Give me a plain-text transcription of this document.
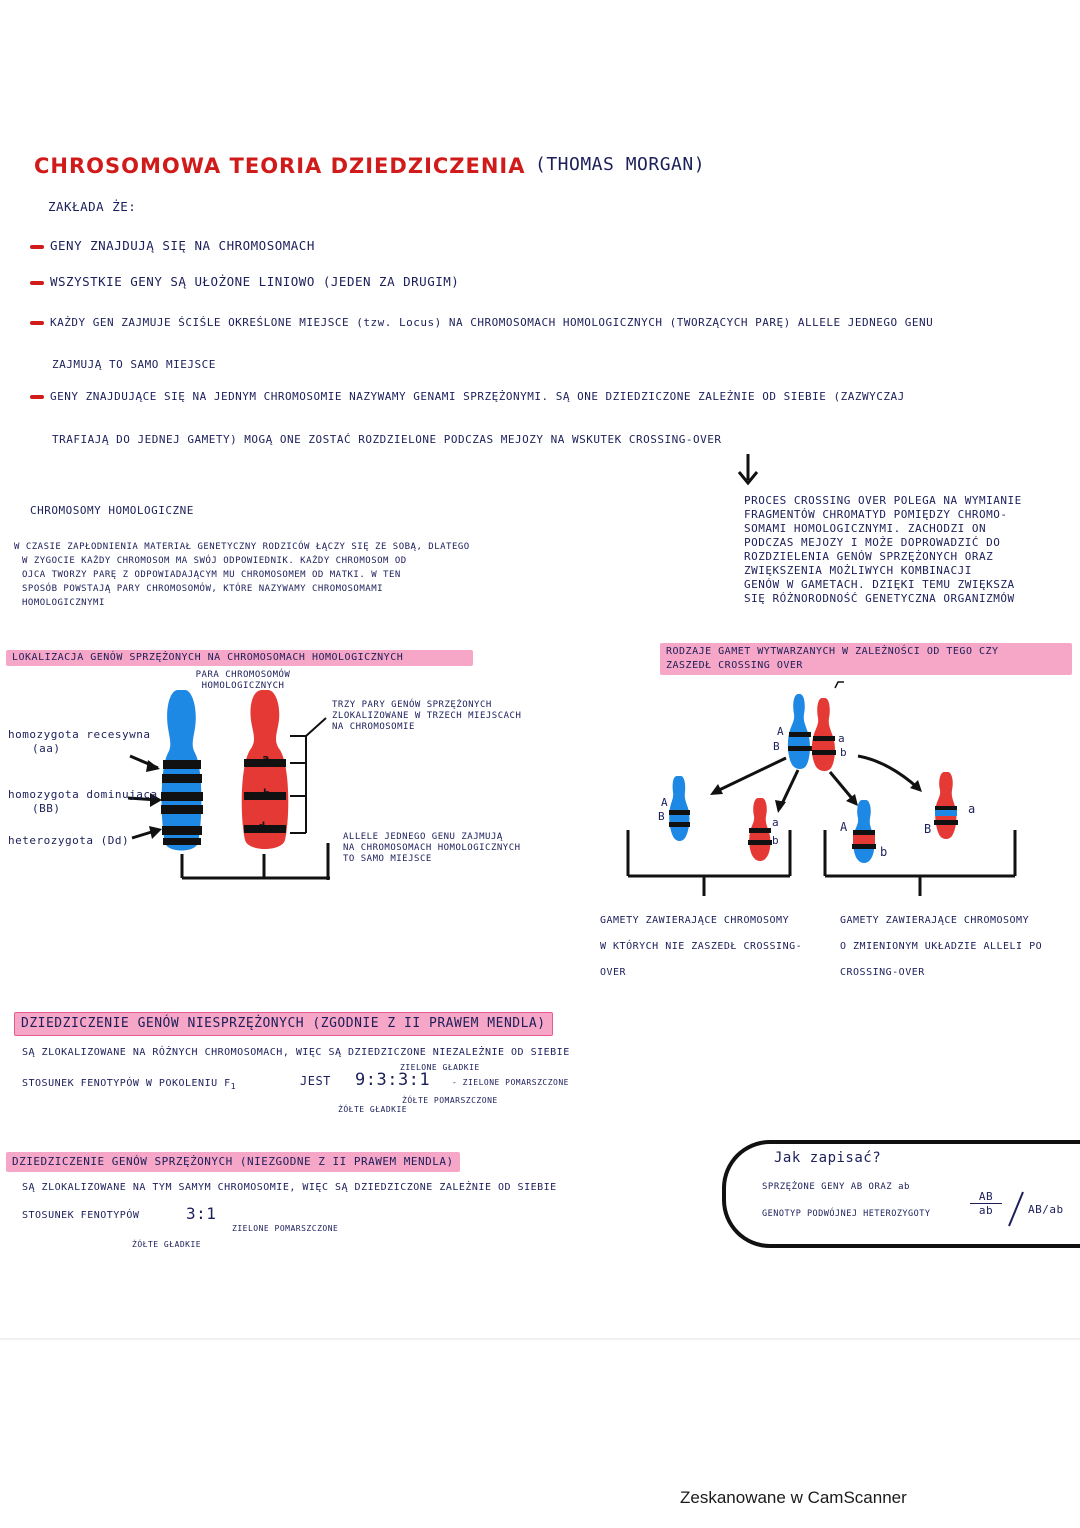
CHROSOMOWA TEORIA DZIEDZICZENIA (THOMAS MORGAN)
ZAKŁADA ŻE:
GENY ZNAJDUJĄ SIĘ NA CHROMOSOMACH
WSZYSTKIE GENY SĄ UŁOŻONE LINIOWO (JEDEN ZA DRUGIM)
KAŻDY GEN ZAJMUJE ŚCIŚLE OKREŚLONE MIEJSCE (tzw. Locus) NA CHROMOSOMACH HOMOLOGICZNYCH (TWORZĄCYCH PARĘ) ALLELE JEDNEGO GENU
ZAJMUJĄ TO SAMO MIEJSCE
GENY ZNAJDUJĄCE SIĘ NA JEDNYM CHROMOSOMIE NAZYWAMY GENAMI SPRZĘŻONYMI. SĄ ONE DZIEDZICZONE ZALEŻNIE OD SIEBIE (ZAZWYCZAJ
TRAFIAJĄ DO JEDNEJ GAMETY) MOGĄ ONE ZOSTAĆ ROZDZIELONE PODCZAS MEJOZY NA WSKUTEK CROSSING-OVER
PROCES CROSSING OVER POLEGA NA WYMIANIE
FRAGMENTÓW CHROMATYD POMIĘDZY CHROMO-
SOMAMI HOMOLOGICZNYMI. ZACHODZI ON
PODCZAS MEJOZY I MOŻE DOPROWADZIĆ DO
ROZDZIELENIA GENÓW SPRZĘŻONYCH ORAZ
ZWIĘKSZENIA MOŻLIWYCH KOMBINACJI
GENÓW W GAMETACH. DZIĘKI TEMU ZWIĘKSZA
SIĘ RÓŻNORODNOŚĆ GENETYCZNA ORGANIZMÓW
CHROMOSOMY HOMOLOGICZNE
W CZASIE ZAPŁODNIENIA MATERIAŁ GENETYCZNY RODZICÓW ŁĄCZY SIĘ ZE SOBĄ, DLATEGO
W ZYGOCIE KAŻDY CHROMOSOM MA SWÓJ ODPOWIEDNIK. KAŻDY CHROMOSOM OD
OJCA TWORZY PARĘ Z ODPOWIADAJĄCYM MU CHROMOSOMEM OD MATKI. W TEN
SPOSÓB POWSTAJĄ PARY CHROMOSOMÓW, KTÓRE NAZYWAMY CHROMOSOMAMI
HOMOLOGICZNYMI
LOKALIZACJA GENÓW SPRZĘŻONYCH NA CHROMOSOMACH HOMOLOGICZNYCH
a
b
d
PARA CHROMOSOMÓW
HOMOLOGICZNYCH
homozygota recesywna
(aa)
homozygota dominująca
(BB)
heterozygota (Dd)
TRZY PARY GENÓW SPRZĘŻONYCH
ZLOKALIZOWANE W TRZECH MIEJSCACH
NA CHROMOSOMIE
ALLELE JEDNEGO GENU ZAJMUJĄ
NA CHROMOSOMACH HOMOLOGICZNYCH
TO SAMO MIEJSCE
RODZAJE GAMET WYTWARZANYCH W ZALEŻNOŚCI OD TEGO CZY
ZASZEDŁ CROSSING OVER
A
B
a
b
A
B	a
b
A
b
B
a
GAMETY ZAWIERAJĄCE CHROMOSOMY
W KTÓRYCH NIE ZASZEDŁ CROSSING-
OVER
GAMETY ZAWIERAJĄCE CHROMOSOMY
O ZMIENIONYM UKŁADZIE ALLELI PO
CROSSING-OVER
DZIEDZICZENIE GENÓW NIESPRZĘŻONYCH (ZGODNIE Z II PRAWEM MENDLA)
SĄ ZLOKALIZOWANE NA RÓŻNYCH CHROMOSOMACH, WIĘC SĄ DZIEDZICZONE NIEZALEŻNIE OD SIEBIE
STOSUNEK FENOTYPÓW W POKOLENIU $F_1$	JEST 9:3:3:1
ZIELONE GŁADKIE
- ZIELONE POMARSZCZONE
ŻÓŁTE POMARSZCZONE
ŻÓŁTE GŁADKIE
DZIEDZICZENIE GENÓW SPRZĘŻONYCH (NIEZGODNE Z II PRAWEM MENDLA)
SĄ ZLOKALIZOWANE NA TYM SAMYM CHROMOSOMIE, WIĘC SĄ DZIEDZICZONE ZALEŻNIE OD SIEBIE
STOSUNEK FENOTYPÓW	3:1
ZIELONE POMARSZCZONE
ŻÓŁTE GŁADKIE
Jak zapisać?
SPRZĘŻONE GENY AB ORAZ ab
GENOTYP PODWÓJNEJ HETEROZYGOTY	$\frac{AB}{ab} AB/ab$
Zeskanowane w CamScanner
